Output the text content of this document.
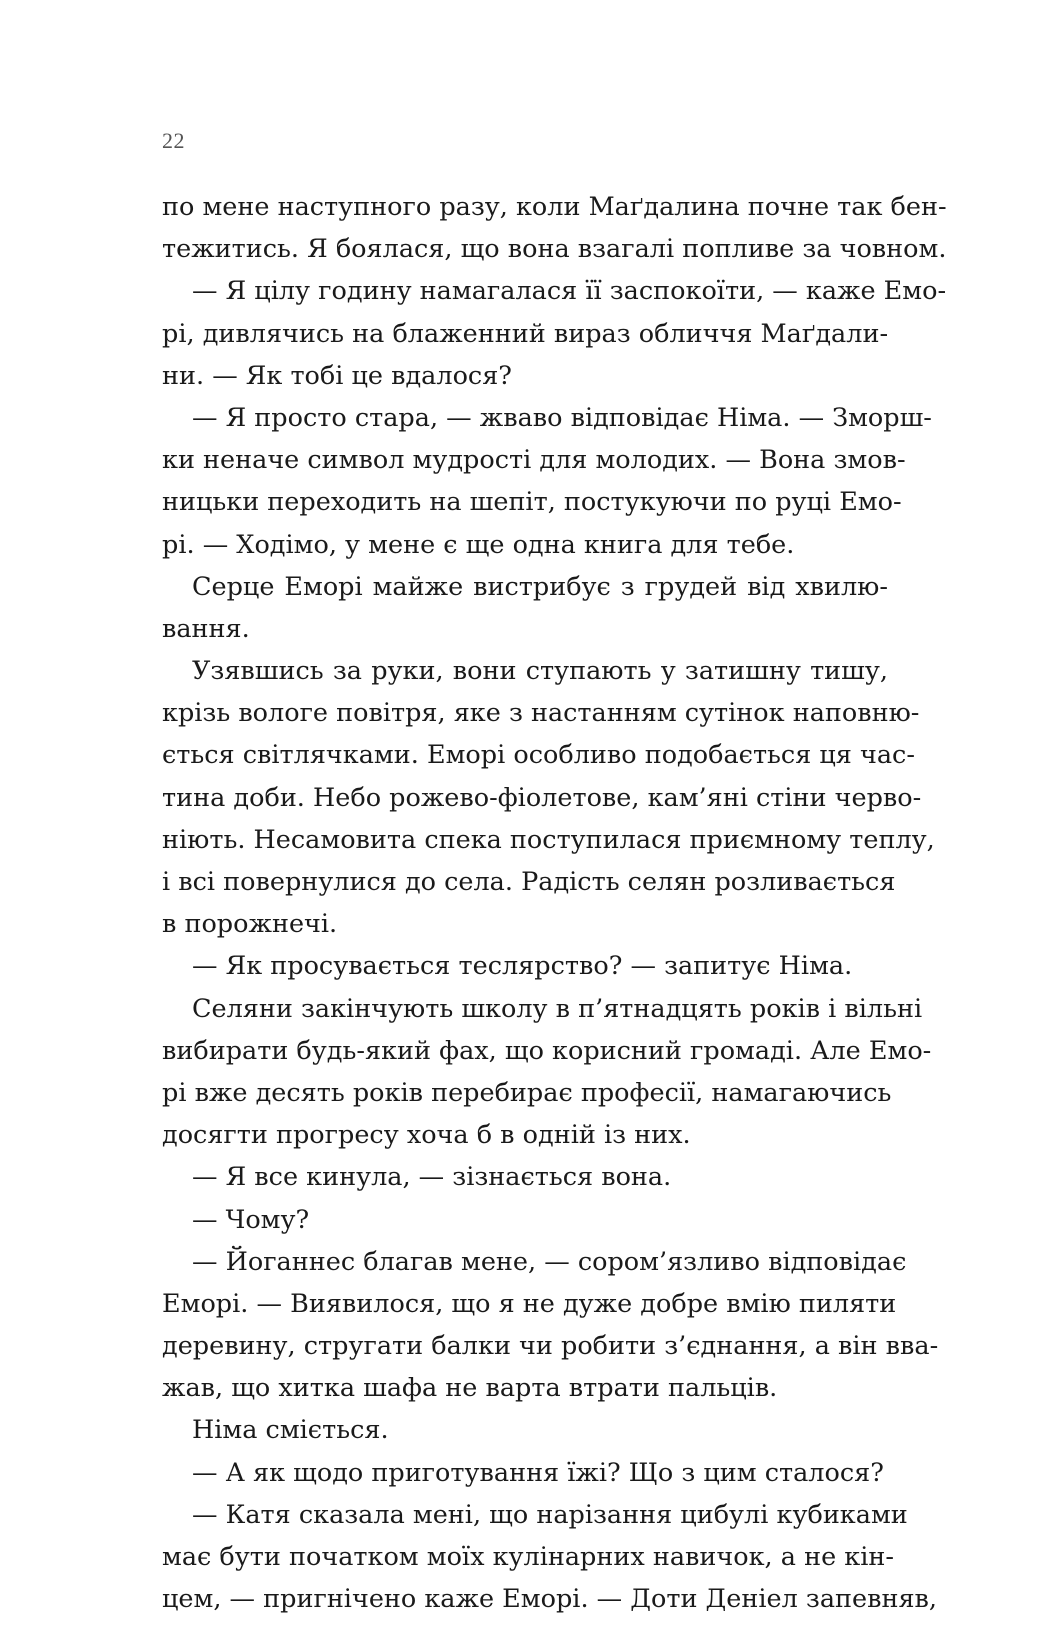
22
по мене наступного разу, коли Маґдалина почне так бен-
тежитись. Я боялася, що вона взагалі попливе за човном.
— Я цілу годину намагалася її заспокоїти, — каже Емо-
рі, дивлячись на блаженний вираз обличчя Маґдали-
ни. — Як тобі це вдалося?
— Я просто стара, — жваво відповідає Німа. — Зморш-
ки неначе символ мудрості для молодих. — Вона змов-
ницьки переходить на шепіт, постукуючи по руці Емо-
рі. — Ходімо, у мене є ще одна книга для тебе.
Серце Еморі майже вистрибує з грудей від хвилю-
вання.
Узявшись за руки, вони ступають у затишну тишу,
крізь вологе повітря, яке з настанням сутінок наповню-
ється світлячками. Еморі особливо подобається ця час-
тина доби. Небо рожево-фіолетове, кам’яні стіни черво-
ніють. Несамовита спека поступилася приємному теплу,
і всі повернулися до села. Радість селян розливається
в порожнечі.
— Як просувається теслярство? — запитує Німа.
Селяни закінчують школу в п’ятнадцять років і вільні
вибирати будь-який фах, що корисний громаді. Але Емо-
рі вже десять років перебирає професії, намагаючись
досягти прогресу хоча б в одній із них.
— Я все кинула, — зізнається вона.
— Чому?
— Йоганнес благав мене, — сором’язливо відповідає
Еморі. — Виявилося, що я не дуже добре вмію пиляти
деревину, стругати балки чи робити з’єднання, а він вва-
жав, що хитка шафа не варта втрати пальців.
Німа сміється.
— А як щодо приготування їжі? Що з цим сталося?
— Катя сказала мені, що нарізання цибулі кубиками
має бути початком моїх кулінарних навичок, а не кін-
цем, — пригнічено каже Еморі. — Доти Деніел запевняв,
